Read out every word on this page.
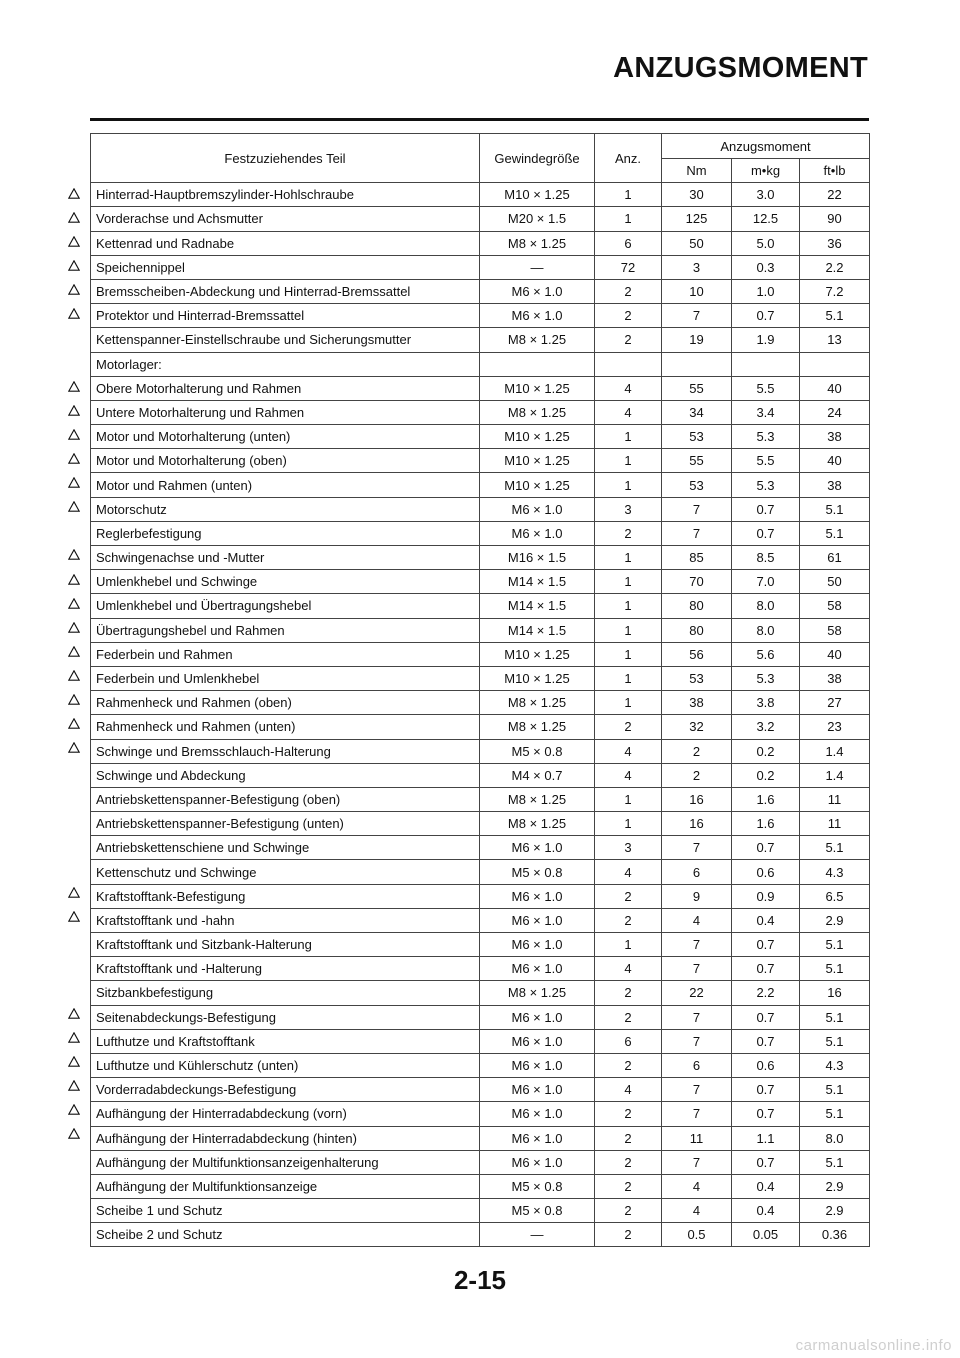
ANZUGSMOMENT
Festzuziehendes Teil	Gewindegröße	Anz.	Anzugsmoment		
			Nm	m•kg	ft•lb
Hinterrad-Hauptbremszylinder-Hohlschraube	M10 × 1.25	1	30	3.0	22
Vorderachse und Achsmutter	M20 × 1.5	1	125	12.5	90
Kettenrad und Radnabe	M8 × 1.25	6	50	5.0	36
Speichennippel	—	72	3	0.3	2.2
Bremsscheiben-Abdeckung und Hinterrad-Bremssattel	M6 × 1.0	2	10	1.0	7.2
Protektor und Hinterrad-Bremssattel	M6 × 1.0	2	7	0.7	5.1
Kettenspanner-Einstellschraube und Sicherungsmutter	M8 × 1.25	2	19	1.9	13
Motorlager:					
Obere Motorhalterung und Rahmen	M10 × 1.25	4	55	5.5	40
Untere Motorhalterung und Rahmen	M8 × 1.25	4	34	3.4	24
Motor und Motorhalterung (unten)	M10 × 1.25	1	53	5.3	38
Motor und Motorhalterung (oben)	M10 × 1.25	1	55	5.5	40
Motor und Rahmen (unten)	M10 × 1.25	1	53	5.3	38
Motorschutz	M6 × 1.0	3	7	0.7	5.1
Reglerbefestigung	M6 × 1.0	2	7	0.7	5.1
Schwingenachse und -Mutter	M16 × 1.5	1	85	8.5	61
Umlenkhebel und Schwinge	M14 × 1.5	1	70	7.0	50
Umlenkhebel und Übertragungshebel	M14 × 1.5	1	80	8.0	58
Übertragungshebel und Rahmen	M14 × 1.5	1	80	8.0	58
Federbein und Rahmen	M10 × 1.25	1	56	5.6	40
Federbein und Umlenkhebel	M10 × 1.25	1	53	5.3	38
Rahmenheck und Rahmen (oben)	M8 × 1.25	1	38	3.8	27
Rahmenheck und Rahmen (unten)	M8 × 1.25	2	32	3.2	23
Schwinge und Bremsschlauch-Halterung	M5 × 0.8	4	2	0.2	1.4
Schwinge und Abdeckung	M4 × 0.7	4	2	0.2	1.4
Antriebskettenspanner-Befestigung (oben)	M8 × 1.25	1	16	1.6	11
Antriebskettenspanner-Befestigung (unten)	M8 × 1.25	1	16	1.6	11
Antriebskettenschiene und Schwinge	M6 × 1.0	3	7	0.7	5.1
Kettenschutz und Schwinge	M5 × 0.8	4	6	0.6	4.3
Kraftstofftank-Befestigung	M6 × 1.0	2	9	0.9	6.5
Kraftstofftank und -hahn	M6 × 1.0	2	4	0.4	2.9
Kraftstofftank und Sitzbank-Halterung	M6 × 1.0	1	7	0.7	5.1
Kraftstofftank und -Halterung	M6 × 1.0	4	7	0.7	5.1
Sitzbankbefestigung	M8 × 1.25	2	22	2.2	16
Seitenabdeckungs-Befestigung	M6 × 1.0	2	7	0.7	5.1
Lufthutze und Kraftstofftank	M6 × 1.0	6	7	0.7	5.1
Lufthutze und Kühlerschutz (unten)	M6 × 1.0	2	6	0.6	4.3
Vorderradabdeckungs-Befestigung	M6 × 1.0	4	7	0.7	5.1
Aufhängung der Hinterradabdeckung (vorn)	M6 × 1.0	2	7	0.7	5.1
Aufhängung der Hinterradabdeckung (hinten)	M6 × 1.0	2	11	1.1	8.0
Aufhängung der Multifunktionsanzeigenhalterung	M6 × 1.0	2	7	0.7	5.1
Aufhängung der Multifunktionsanzeige	M5 × 0.8	2	4	0.4	2.9
Scheibe 1 und Schutz	M5 × 0.8	2	4	0.4	2.9
Scheibe 2 und Schutz	—	2	0.5	0.05	0.36
2-15
carmanualsonline.info
